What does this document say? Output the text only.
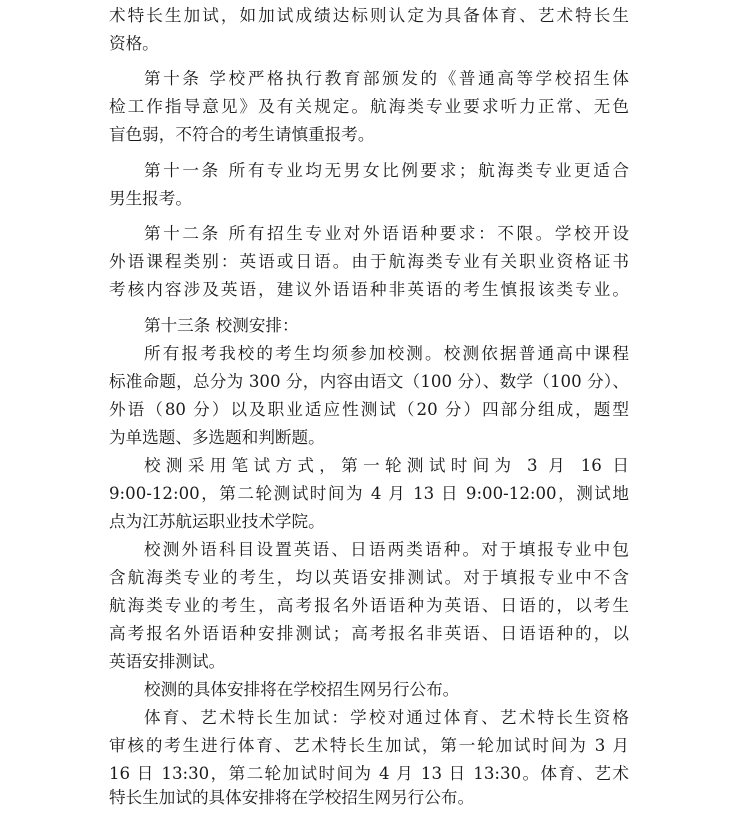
术特长生加试，如加试成绩达标则认定为具备体育、艺术特长生
资格。
第十条 学校严格执行教育部颁发的《普通高等学校招生体
检工作指导意见》及有关规定。航海类专业要求听力正常、无色
盲色弱，不符合的考生请慎重报考。
第十一条 所有专业均无男女比例要求；航海类专业更适合
男生报考。
第十二条 所有招生专业对外语语种要求：不限。学校开设
外语课程类别：英语或日语。由于航海类专业有关职业资格证书
考核内容涉及英语，建议外语语种非英语的考生慎报该类专业。
第十三条 校测安排：
所有报考我校的考生均须参加校测。校测依据普通高中课程
标准命题，总分为 300 分，内容由语文（100 分）、数学（100 分）、
外语（80 分）以及职业适应性测试（20 分）四部分组成，题型
为单选题、多选题和判断题。
校测采用笔试方式，第一轮测试时间为 3 月 16 日
9:00-12:00，第二轮测试时间为 4 月 13 日 9:00-12:00，测试地
点为江苏航运职业技术学院。
校测外语科目设置英语、日语两类语种。对于填报专业中包
含航海类专业的考生，均以英语安排测试。对于填报专业中不含
航海类专业的考生，高考报名外语语种为英语、日语的，以考生
高考报名外语语种安排测试；高考报名非英语、日语语种的，以
英语安排测试。
校测的具体安排将在学校招生网另行公布。
体育、艺术特长生加试：学校对通过体育、艺术特长生资格
审核的考生进行体育、艺术特长生加试，第一轮加试时间为 3 月
16 日 13:30，第二轮加试时间为 4 月 13 日 13:30。体育、艺术
特长生加试的具体安排将在学校招生网另行公布。
